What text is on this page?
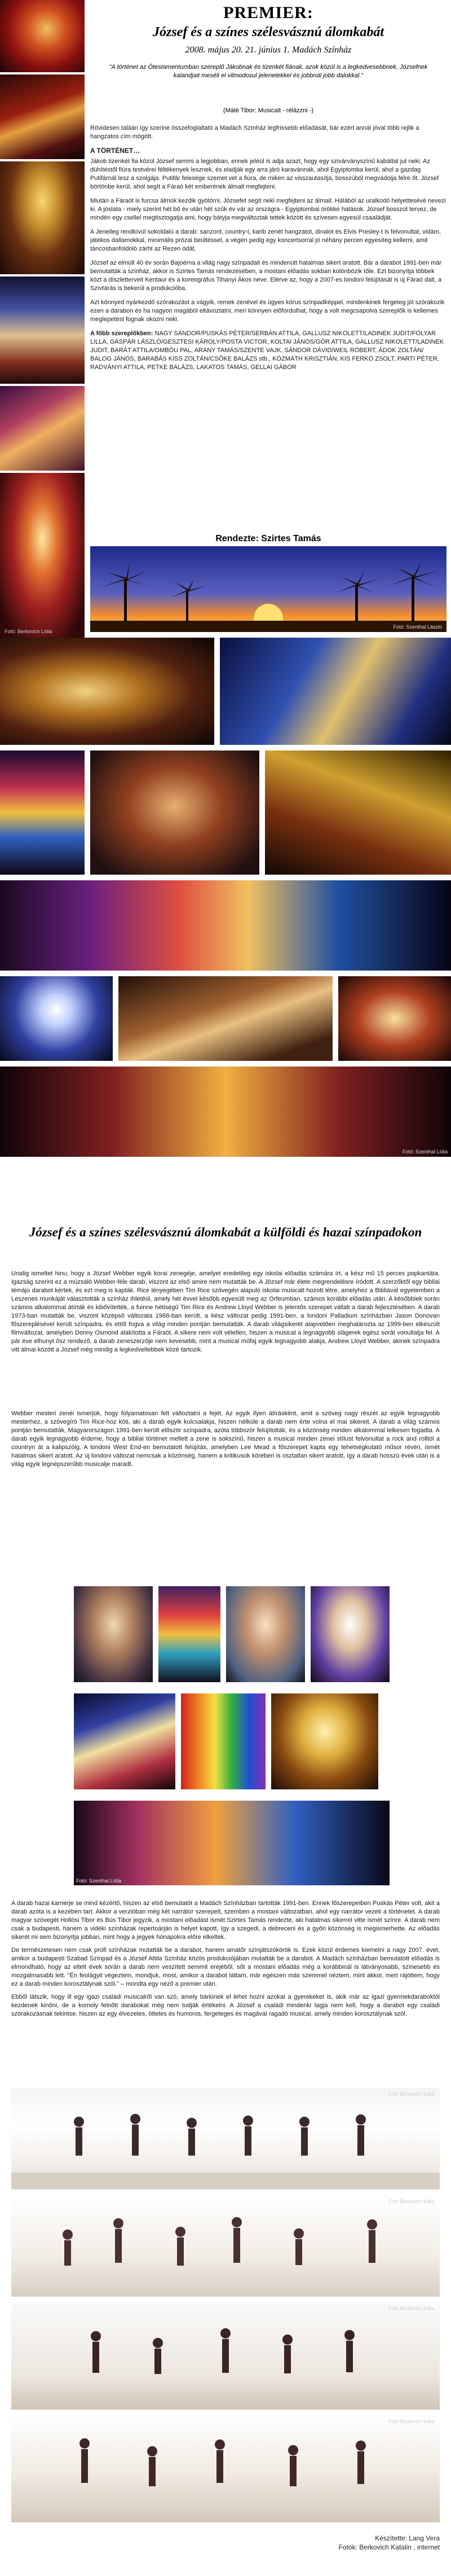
Fotó: Berkovich Lídia
PREMIER:
József és a színes szélesvásznú álomkabát
2008. május 20. 21. június 1. Madách Színház
"A történet az Ótestamentumban szereplő Jákobnak és tizenkét fiának, azok közül is a legkedvesebbnek, Józsefnek kalandjait meséli el vilmodosul jelenetekkel és jobbnál jobb dalokkal."
(Máté Tibor: Musicalt - rélázzni -)

Rövidesen taláán így szerine összefoglaltató a Madách Színház legfrissebb előadását, bár ezért annál jóval több rejlik a hangzatos cím mögött.

A TÖRTÉNET…

Jákob tizenkét fia közül József semmi a legjobban, ennek jeléül is adja azazt, hogy egy szivárványszínű kabáttal jut neki. Az dühítéstől fiúra testvérei féltékenyek lesznek, és eladják egy arra járó karavánnak, ahol Egyiptomba kerül, ahol a gazdag Putifárnál lesz a szolgája. Putifár felesége szemet vet a fiúra, de miken az visszautasítja, bosszúból megvádolja félre őt. József börtönbe kerül, ahol segít a Fáraó két emberének álmait megfejteni.

Miután a Fáraót is furcsa álmok kezdik gyötörni, Józsefet segít neki megfejteni az álmait. Hálából az uralkodó helyettesévé nevezi ki. A jóslata - miely szerint hét bő év után hét szűk év vár az országra - Egyiptombai örökké hatások. József bosszút tervez, de mindén egy csellel megtisztogatja ami, hogy bátyja megváltoztak tettek között és szívesen egyesül csaaládját.

A Jeneileg rendkívül sokoldalú a darab: sanzont, country-t, karib zenét hangzatot, dinalot és Elvis Presley-t is felvonultat, vidám, játékos dallamokkal, minimális prózai beültéssel, a végén pedig egy koncertsorral jó néhány percen egyesíteg kellemi, amit táncosbanfoldoló zárht az Rezen ódát.

József az elmúlt 40 év során Bajoérna a világ nagy színpadait és mindenütt hatalmas sikert aratott. Bár a darabot 1991-ben már bemutatták a színház, akkor is Szirtes Tamás rendezésében, a mostani előadás sokban különbözik tőle. Ezt bizonyítja többek közt a díszletterveit Kentaur és a koreográfus Tihanyi Ákos neve. Elérve az, hogy a 2007-es londoni felújítását is új Fáraó dalt, a Szívtárás is bekerül a produkcióba.

Azt könnyed nyárkezdő szórakozást a vágyik, remek zenével és ügyes kórus színpadképpel, mindenkinek fergeteg jól szórakozik ezen a darabon és ha nagyon magából eltávoztatni, meri könnyen előfordulhat, hogy a volt megcsapolva szereplők is kellemes meglepetést fognak okozni neki.

A főbb szereplőkben: NAGY SÁNDOR/PUSKÁS PÉTER/SERBÁN ATTILA, GALLUSZ NIKOLETT/LADINEK JUDIT/FOLYAR LILLA, GÁSPÁR LÁSZLÓ/GESZTESI KÁROLY/POSTA VICTOR, KOLTAI JÁNOS/GÓR ATTILA, GALLUSZ NIKOLETT/LADINEK JUDIT, BARÁT ATTILA/OMBÓU PAL, ARANY TAMÁS/SZENTE VAJK, SÁNDOR DÁVID/WEIL RÓBERT, ÁDOK ZOLTÁN/ BALOG JÁNOS, BARABÁS KISS ZOLTÁN/CSŐKE BALÁZS stb., KÖZMÁTH KRISZTIÁN, KIS FERKÓ ZSOLT, PARTI PÉTER, RADVÁNYI ATTILA, PETKE BALÁZS, LAKATOS TAMÁS, GELLAI GÁBOR

Rendezte: Szirtes Tamás
Fotó: Szenthal Lászlo
Fotó: Szenthal Lídia
József és a színes szélesvásznú álomkabát a külföldi és hazai színpadokon

Unalig ismeltet hinu, hogy a József Webber egyik korai zenegéje, amelyet eredetileg egy iskolai előadás számára írt, a kész mű 15 perces popkantáta. Igazság szerint ez a múzsáló Webber-féle darab, viszont az első amire nem mutatták be. A József már élete megrendelésre íródott. A szerzőktől egy bibliai témájú darabot kértek, és ezt meg is kapták. Rice lényegében Tim Rice szövegén alapuló iskolai musicalt hozott létre, amelyhez a Bibliával egyetemben a Leszenes munkáját választották a színház ihletéül, amely hét évvel később egyesült meg az Orfeumban, számos korábbi előadás után. A későbbiek során számos alkalommal átírták és kibővítették, a fuinne hétiségű Tim Rice és Andrew Lloyd Webber is jelentős szerepet vállalt a darab fejlesztésében. A darab 1973-ban mutatták be, viszont középső változata 1968-ban került, a kész változat pedig 1991-ben, a londoni Palladium színházban Jason Donovan főszereplésével került színpadra, és ettől fogva a világ minden pontján bemutatták. A darab világsikerét alapvetően meghatározta az 1999-ben elkészült filmváltozat, amelyben Donny Osmond alakította a Fáraót. A sikere nem volt véletlen, hiszen a musical a legnagyobb slágerek egész sorát vonultatja fel. A pár éve elhunyt ősz rendező, a darab zeneszerzője nem kevesebb, mint a musical műfaj egyik legnagyobb alakja, Andrew Lloyd Webber, akinek színpadra vitt álmai között a József még mindig a legkedveltebbek közé tartozik.

Webber mesteri zenéi ismerjük, hogy folyamatosan felt változtatni a fejét. Az egyik ilyen átírásként, amit a szöveg nagy részét az egyik legnagyobb mesterhez, a szövegíró Tim Rice-hoz köti, aki a darab egyik kulcsalakja, hiszen nélküle a darab nem érte volna el mai sikereit. A darab a világ számos pontján bemutatták, Magyarországon 1991-ben került először színpadra, azóta többször felújították, és a közönség minden alkalommal lelkesen fogadta. A darab egyik legnagyobb érdeme, hogy a bibliai történet mellett a zene is sokszínű, hiszen a musical minden zenei stílust felvonultat a rock and rolltól a countryn át a kalipszóig. A londoni West End-en bemutatott felújítás, amelyben Lee Mead a főszerepet kapta egy tehetségkutató műsor révén, ismét hatalmas sikert aratott. Az új londoni változat nemcsak a közönség, hanem a kritikusok körében is osztatlan sikert aratott, így a darab hosszú évek után is a világ egyik legnépszerűbb musicalje maradt.

Fotó: Szenthal Lídia

A darab hazai karrierje se mind kézértő, hiszen az első bemutatót a Madách Színházban tartották 1991-ben. Ennek főszerepeiben Puskás Péter volt, akit a darab azóta is a kezében tart. Akkor a verzióban még két narrátor szerepelt, szemben a mostani változatban, ahol egy narrátor vezeti a történetet. A darab magyar szövegét Hollósi Tibor és Bús Tibor jegyzik, a mostani előadást ismét Szirtes Tamás rendezte, aki hatalmas sikerrel vitte ismét színre. A darab nem csak a budapesti, hanem a vidéki színházak repertoárján is helyet kapott, így a szegedi, a debreceni és a győri közönség is megismerhette. Az előadás sikerét mi sem bizonyítja jobban, mint hogy a jegyek hónapokra előre elkeltek.

De természetesen nem csak profi színházak mutatták be a darabot, hanem amatőr színjátszókörök is. Ezek közül érdemes kiemelni a nagy 2007. évet, amikor a budapesti Szabad Színpad és a József Attila Színház közös produkciójában mutatták be a darabot. A Madách színházban bemutatott előadás is elmondható, hogy az eltelt évek során a darab nem veszített semmit erejéből, sőt a mostani előadás még a korábbinál is látványosabb, színesebb és mozgalmasabb lett. "Én feolágyit végeztem, mondjuk, most, amikor a darabot láttam, már egészen más szemmel néztem, mint akkor, mert rájöttem, hogy ez a darab minden korosztálynak szól." – mondta egy néző a premier után.

Ebből látszik, hogy ill egy igazi családi musicalről van szó, amely bárkinek el lehet hozni azokat a gyerekeket is, akik már az igazi gyermekdaraboktól kezdenek kinőni, de a komoly felnőtt darabokat még nem tudják értékelni. A József a családi mindenki tagja nem kell, hogy a darabot egy családi szórakozásnak tekintse, hiszen az egy élvezetes, ötletes és humoros, fergeteges és magával ragadó musical, amely minden korosztálynak szól.

Fotó Berkovich Kata
Fotó Berkovich Kata
Fotó Berkovich Kata
Fotó Berkovich Kata
Készítette: Lang Vera
Fotók: Berkovich Katalin , internet
